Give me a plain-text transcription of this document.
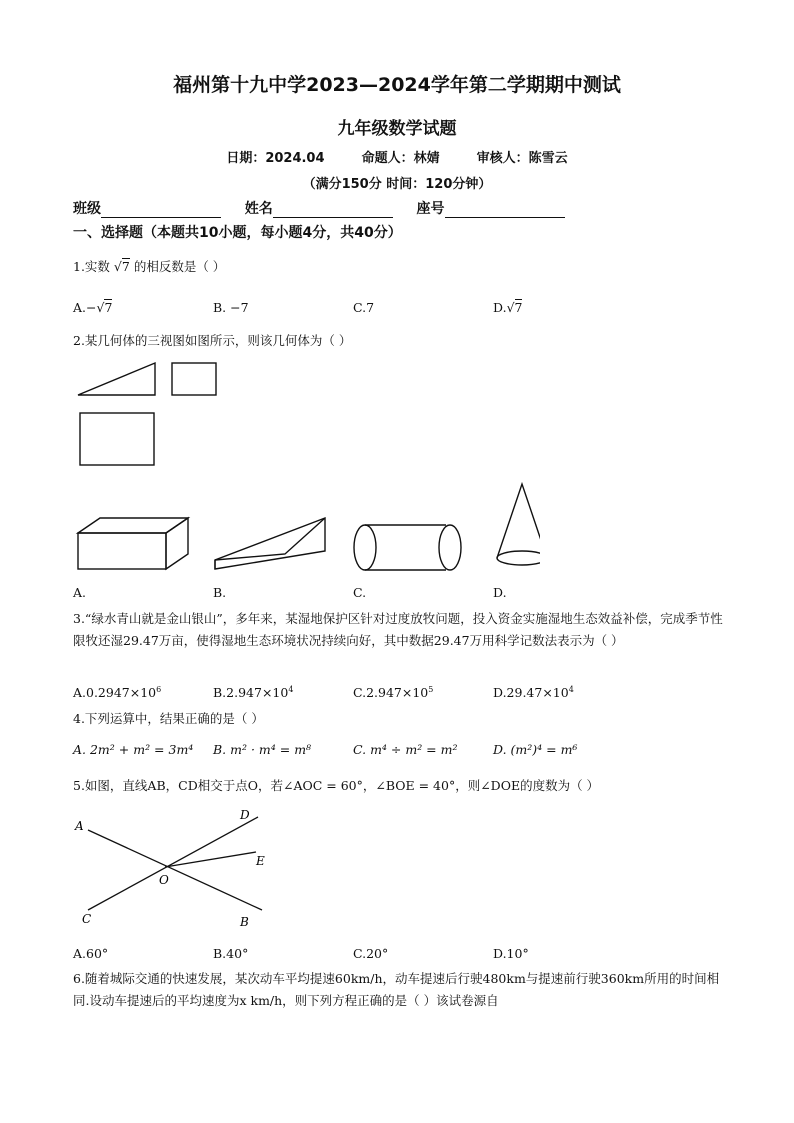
福州第十九中学2023—2024学年第二学期期中测试
九年级数学试题
日期：2024.04	命题人：林婧	审核人：陈雪云
（满分150分 时间：120分钟）
班级	姓名	座号
一、选择题（本题共10小题，每小题4分，共40分）
1.实数 √7 的相反数是（ ）
A.−√7	B. −7	C.7	D.√7
2.某几何体的三视图如图所示，则该几何体为（ ）
A.	B.	C.	D.
3.“绿水青山就是金山银山”，多年来，某湿地保护区针对过度放牧问题，投入资金实施湿地生态效益补偿，完成季节性限牧还湿29.47万亩，使得湿地生态环境状况持续向好，其中数据29.47万用科学记数法表示为（ ）
$A.0.2947\times 10^6$	$B.2.947\times 10^4$	$C.2.947\times 10^5$	$D.29.47\times 10^4$
4.下列运算中，结果正确的是（ ）
A. 2m² + m² = 3m⁴ B. m² · m⁴ = m⁸	C. m⁴ ÷ m² = m²	D. (m²)⁴ = m⁶
5.如图，直线AB，CD相交于点O，若∠AOC = 60°，∠BOE = 40°，则∠DOE的度数为（ ）
A
D
E
O
C	B
A.60°	B.40°	C.20°	D.10°
6.随着城际交通的快速发展，某次动车平均提速60km/h，动车提速后行驶480km与提速前行驶360km所用的时间相同.设动车提速后的平均速度为x km/h，则下列方程正确的是（ ）该试卷源自
